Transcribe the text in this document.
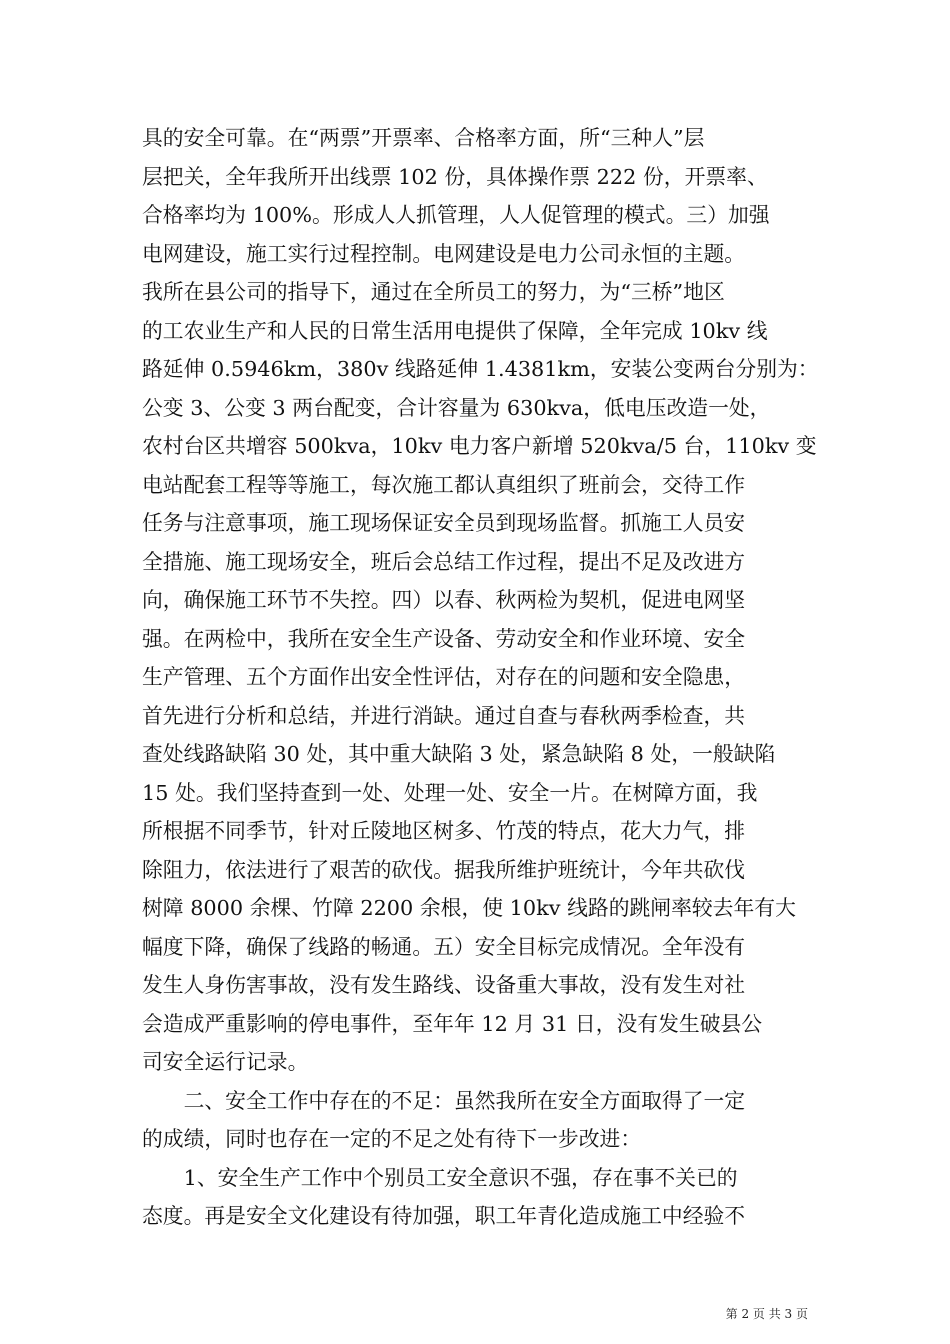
具的安全可靠。在“两票”开票率、合格率方面，所“三种人”层
层把关，全年我所开出线票 102 份，具体操作票 222 份，开票率、
合格率均为 100%。形成人人抓管理，人人促管理的模式。三）加强
电网建设，施工实行过程控制。电网建设是电力公司永恒的主题。
我所在县公司的指导下，通过在全所员工的努力，为“三桥”地区
的工农业生产和人民的日常生活用电提供了保障，全年完成 10kv 线
路延伸 0.5946km，380v 线路延伸 1.4381km，安装公变两台分别为：
公变 3、公变 3 两台配变，合计容量为 630kva，低电压改造一处，
农村台区共增容 500kva，10kv 电力客户新增 520kva/5 台，110kv 变
电站配套工程等等施工，每次施工都认真组织了班前会，交待工作
任务与注意事项，施工现场保证安全员到现场监督。抓施工人员安
全措施、施工现场安全，班后会总结工作过程，提出不足及改进方
向，确保施工环节不失控。四）以春、秋两检为契机，促进电网坚
强。在两检中，我所在安全生产设备、劳动安全和作业环境、安全
生产管理、五个方面作出安全性评估，对存在的问题和安全隐患，
首先进行分析和总结，并进行消缺。通过自查与春秋两季检查，共
查处线路缺陷 30 处，其中重大缺陷 3 处，紧急缺陷 8 处，一般缺陷
15 处。我们坚持查到一处、处理一处、安全一片。在树障方面，我
所根据不同季节，针对丘陵地区树多、竹茂的特点，花大力气，排
除阻力，依法进行了艰苦的砍伐。据我所维护班统计，今年共砍伐
树障 8000 余棵、竹障 2200 余根，使 10kv 线路的跳闸率较去年有大
幅度下降，确保了线路的畅通。五）安全目标完成情况。全年没有
发生人身伤害事故，没有发生路线、设备重大事故，没有发生对社
会造成严重影响的停电事件，至年年 12 月 31 日，没有发生破县公
司安全运行记录。
　　二、安全工作中存在的不足：虽然我所在安全方面取得了一定
的成绩，同时也存在一定的不足之处有待下一步改进：
　　1、安全生产工作中个别员工安全意识不强，存在事不关已的
态度。再是安全文化建设有待加强，职工年青化造成施工中经验不
第 2 页 共 3 页
